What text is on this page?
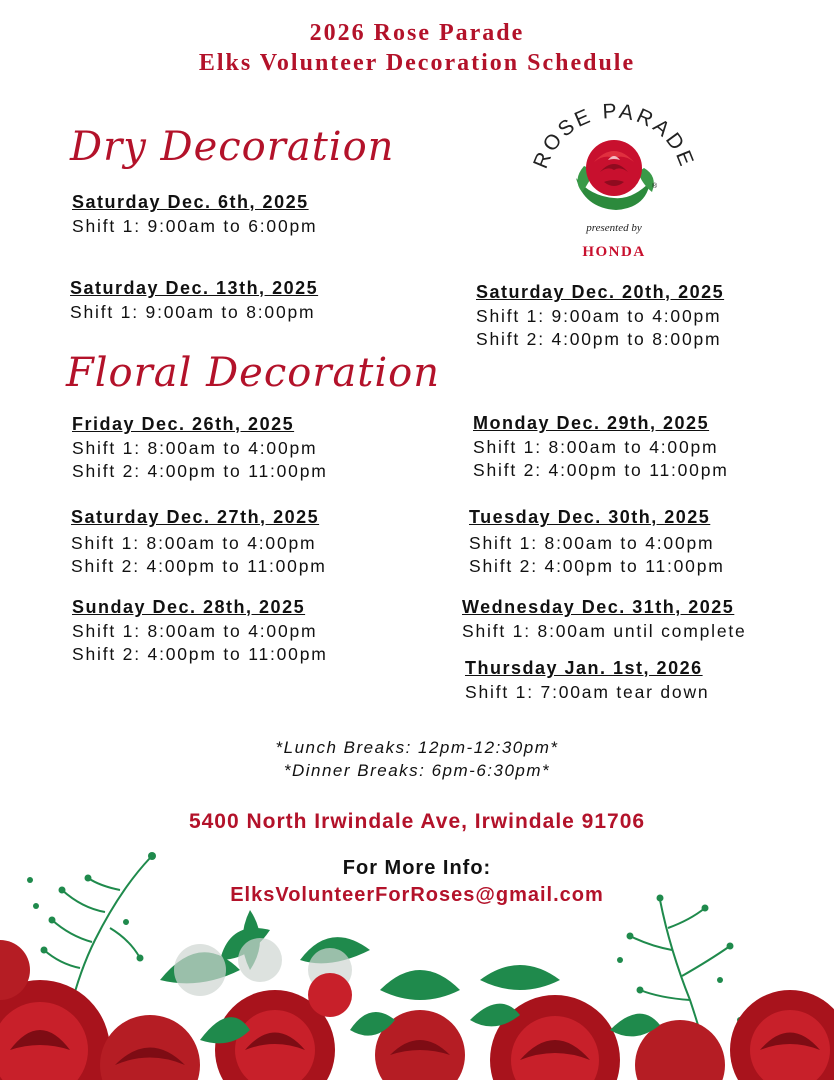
2026 Rose Parade
Elks Volunteer Decoration Schedule
ROSE PARADE
®
presented by
HONDA
Dry Decoration
Saturday Dec. 6th, 2025
Shift 1: 9:00am to 6:00pm
Saturday Dec. 13th, 2025
Shift 1: 9:00am to 8:00pm
Saturday Dec. 20th, 2025
Shift 1: 9:00am to 4:00pm
Shift 2: 4:00pm to 8:00pm
Floral Decoration
Friday Dec. 26th, 2025
Shift 1: 8:00am to 4:00pm
Shift 2: 4:00pm to 11:00pm
Saturday Dec. 27th, 2025
Shift 1: 8:00am to 4:00pm
Shift 2: 4:00pm to 11:00pm
Sunday Dec. 28th, 2025
Shift 1: 8:00am to 4:00pm
Shift 2: 4:00pm to 11:00pm
Monday Dec. 29th, 2025
Shift 1: 8:00am to 4:00pm
Shift 2: 4:00pm to 11:00pm
Tuesday Dec. 30th, 2025
Shift 1: 8:00am to 4:00pm
Shift 2: 4:00pm to 11:00pm
Wednesday Dec. 31th, 2025
Shift 1: 8:00am until complete
Thursday Jan. 1st, 2026
Shift 1: 7:00am tear down
*Lunch Breaks: 12pm-12:30pm*
*Dinner Breaks: 6pm-6:30pm*
5400 North Irwindale Ave, Irwindale 91706
For More Info:
ElksVolunteerForRoses@gmail.com
